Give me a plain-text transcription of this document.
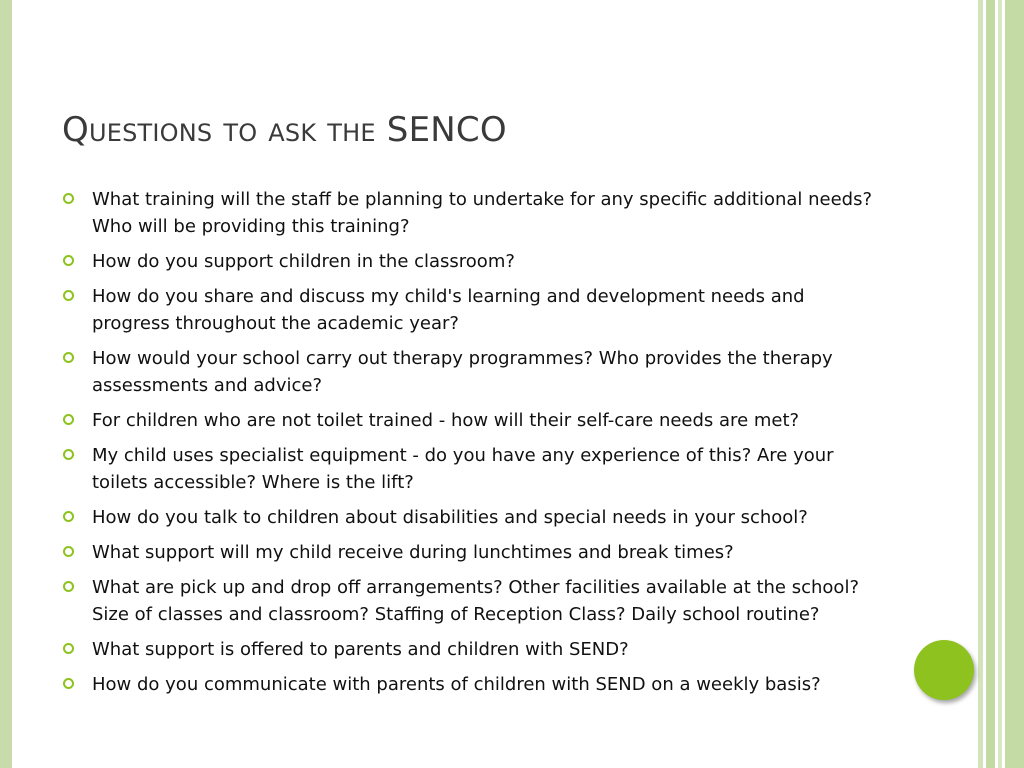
Questions to ask the SENCO
What training will the staff be planning to undertake for any specific additional needs? Who will be providing this training?
How do you support children in the classroom?
How do you share and discuss my child's learning and development needs and progress throughout the academic year?
How would your school carry out therapy programmes? Who provides the therapy assessments and advice?
For children who are not toilet trained - how will their self-care needs are met?
My child uses specialist equipment - do you have any experience of this? Are your toilets accessible? Where is the lift?
How do you talk to children about disabilities and special needs in your school?
What support will my child receive during lunchtimes and break times?
What are pick up and drop off arrangements? Other facilities available at the school? Size of classes and classroom? Staffing of Reception Class? Daily school routine?
What support is offered to parents and children with SEND?
How do you communicate with parents of children with SEND on a weekly basis?
